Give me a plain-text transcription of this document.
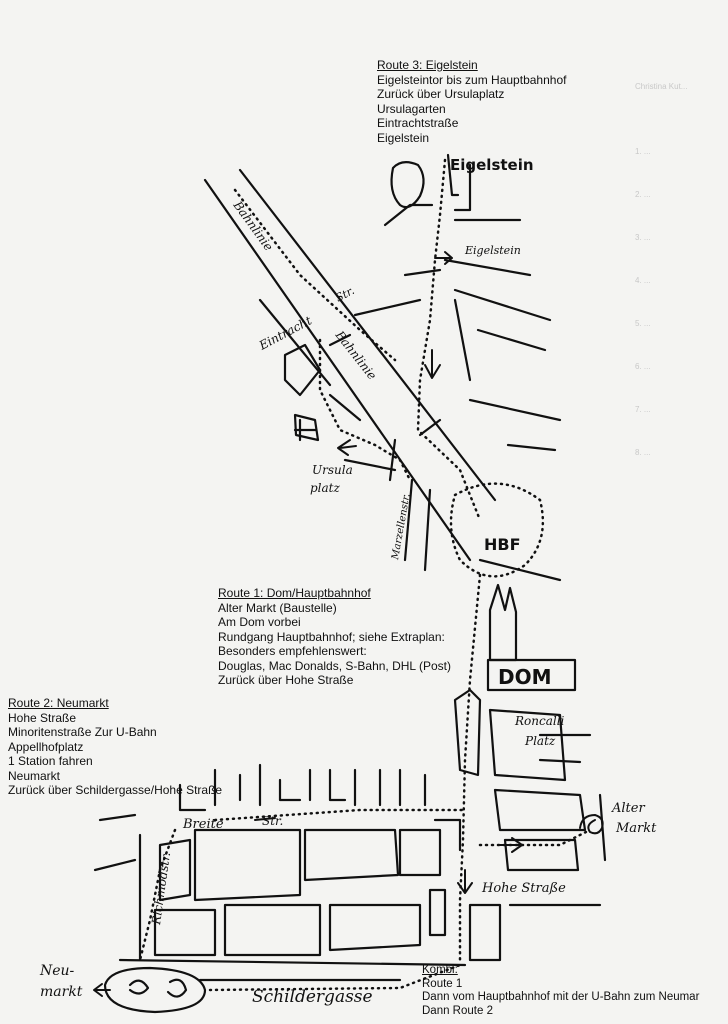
Eigelstein
Eigelstein
Bahnlinie
Bahnlinie
Eintracht
Str.
Ursula
platz
Marzellenstr.	HBF
DOM
Roncalli
Platz
Alter
Markt
Hohe Straße
Breite	Str.
Richmodstr.
Neu-
markt	Schildergasse
Christina Kut...
Route 3: Eigelstein
Eigelsteintor bis zum Hauptbahnhof
Zurück über Ursulaplatz
Ursulagarten
Eintrachtstraße
Eigelstein
Route 1: Dom/Hauptbahnhof
Alter Markt (Baustelle)
Am Dom vorbei
Rundgang Hauptbahnhof; siehe Extraplan:
Besonders empfehlenswert:
Douglas, Mac Donalds, S-Bahn, DHL (Post)
Zurück über Hohe Straße
Route 2: Neumarkt
Hohe Straße
Minoritenstraße Zur U-Bahn
Appellhofplatz
1 Station fahren
Neumarkt
Zurück über Schildergasse/Hohe Straße
Kombi:
Route 1
Dann vom Hauptbahnhof mit der U-Bahn zum Neumar
Dann Route 2
1. ...
2. ...
3. ...
4. ...
5. ...
6. ...
7. ...
8. ...
